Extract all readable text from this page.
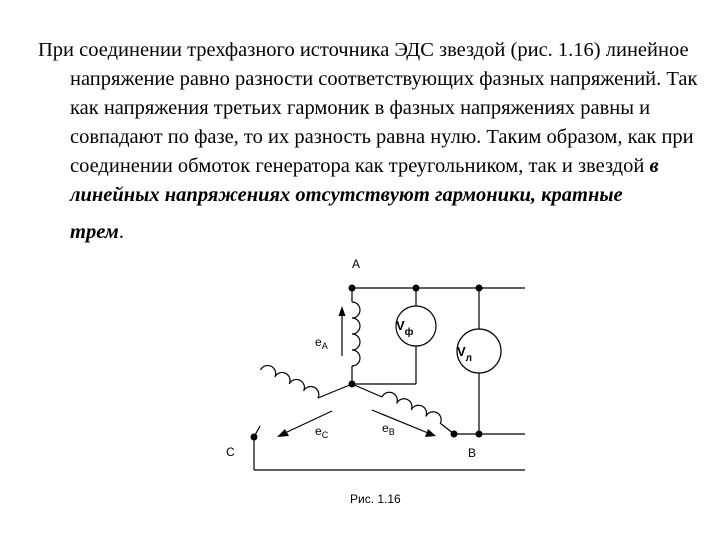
При соединении трехфазного источника ЭДС звездой (рис. 1.16) линейное напряжение равно разности соответствующих фазных напряжений. Так как напряжения третьих гармоник в фазных напряжениях равны и совпадают по фазе, то их разность равна нулю. Таким образом, как при соединении обмоток генератора как треугольником, так и звездой в линейных напряжениях отсутствуют гармоники, кратные
трем.
A
B
C
$e_A$
$e_B$
$e_C$
$V_ф$
$V_л$
Рис. 1.16
